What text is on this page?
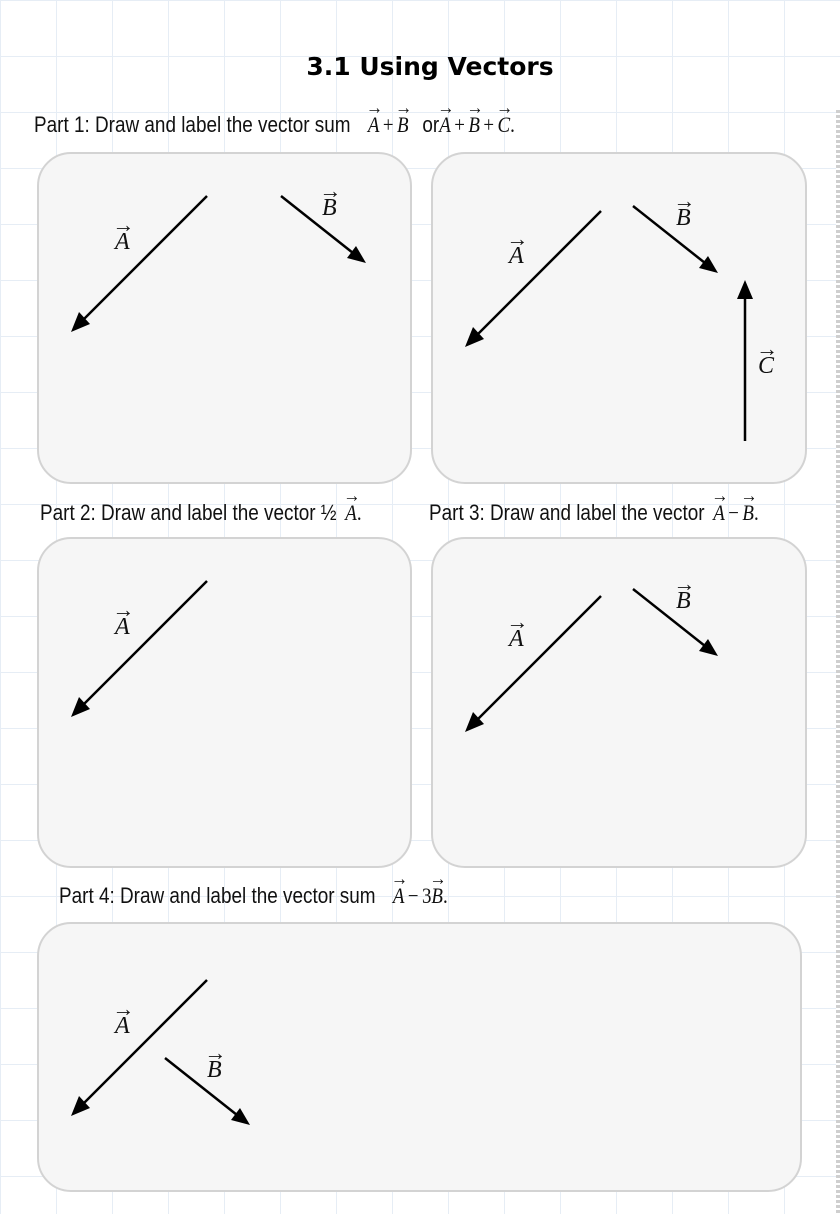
3.1 Using Vectors
Part 1: Draw and label the vector sum → A + → B or→ A + → B + → C.
→ A
→ B
→ A
→ B
→ C
Part 2: Draw and label the vector ½ → A.	Part 3: Draw and label the vector → A − → B.
→ A	→ A
→ B
Part 4: Draw and label the vector sum → A − 3→ B.
→ A
→ B
